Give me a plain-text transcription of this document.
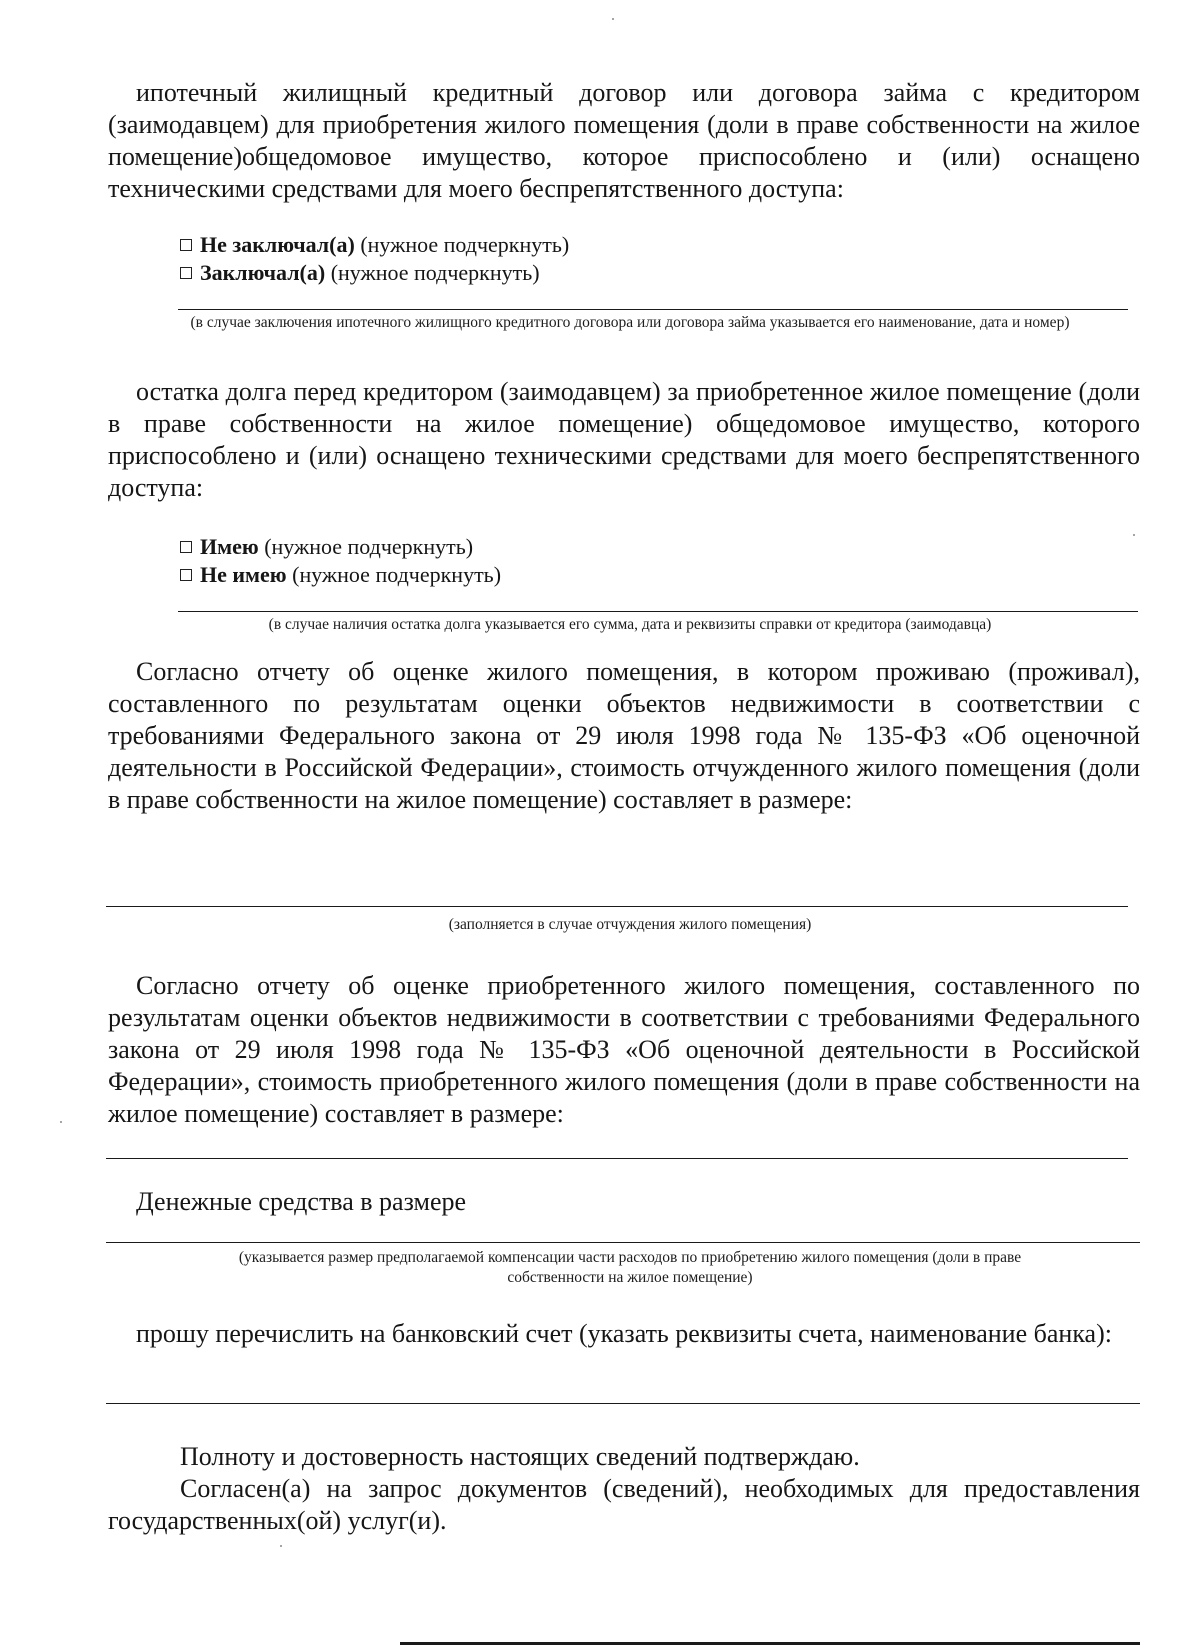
ипотечный жилищный кредитный договор или договора займа с кредитором (заимодавцем) для приобретения жилого помещения (доли в праве собственности на жилое помещение)общедомовое имущество, которое приспособлено и (или) оснащено техническими средствами для моего беспрепятственного доступа:

Не заключал(а) (нужное подчеркнуть)
Заключал(а) (нужное подчеркнуть)
(в случае заключения ипотечного жилищного кредитного договора или договора займа указывается его наименование, дата и номер)

остатка долга перед кредитором (заимодавцем) за приобретенное жилое помещение (доли в праве собственности на жилое помещение) общедомовое имущество, которого приспособлено и (или) оснащено техническими средствами для моего беспрепятственного доступа:

Имею (нужное подчеркнуть)
Не имею (нужное подчеркнуть)
(в случае наличия остатка долга указывается его сумма, дата и реквизиты справки от кредитора (заимодавца)

Согласно отчету об оценке жилого помещения, в котором проживаю (проживал), составленного по результатам оценки объектов недвижимости в соответствии с требованиями Федерального закона от 29 июля 1998 года № 135-ФЗ «Об оценочной деятельности в Российской Федерации», стоимость отчужденного жилого помещения (доли в праве собственности на жилое помещение) составляет в размере:

(заполняется в случае отчуждения жилого помещения)

Согласно отчету об оценке приобретенного жилого помещения, составленного по результатам оценки объектов недвижимости в соответствии с требованиями Федерального закона от 29 июля 1998 года № 135-ФЗ «Об оценочной деятельности в Российской Федерации», стоимость приобретенного жилого помещения (доли в праве собственности на жилое помещение) составляет в размере:

Денежные средства в размере

(указывается размер предполагаемой компенсации части расходов по приобретению жилого помещения (доли в праве собственности на жилое помещение)

прошу перечислить на банковский счет (указать реквизиты счета, наименование банка):

Полноту и достоверность настоящих сведений подтверждаю.

Согласен(а) на запрос документов (сведений), необходимых для предоставления государственных(ой) услуг(и).
